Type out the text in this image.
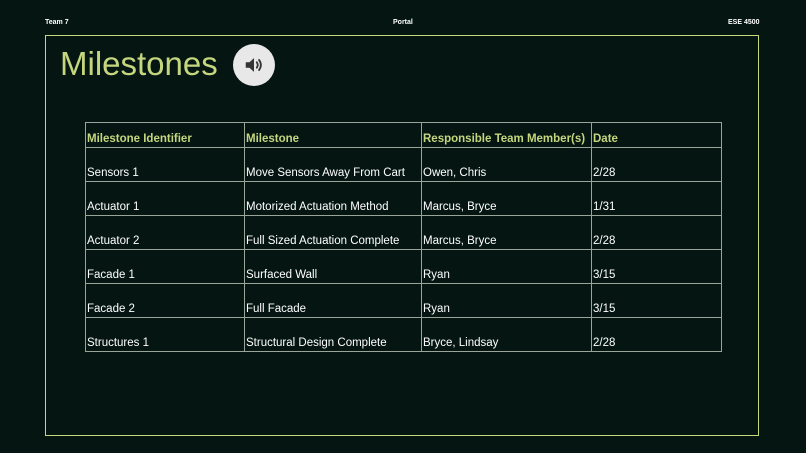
Team 7	Portal	ESE 4500
Milestones
Milestone Identifier	Milestone	Responsible Team Member(s)	Date
Sensors 1	Move Sensors Away From Cart	Owen, Chris	2/28
Actuator 1	Motorized Actuation Method	Marcus, Bryce	1/31
Actuator 2	Full Sized Actuation Complete	Marcus, Bryce	2/28
Facade 1	Surfaced Wall	Ryan	3/15
Facade 2	Full Facade	Ryan	3/15
Structures 1	Structural Design Complete	Bryce, Lindsay	2/28
